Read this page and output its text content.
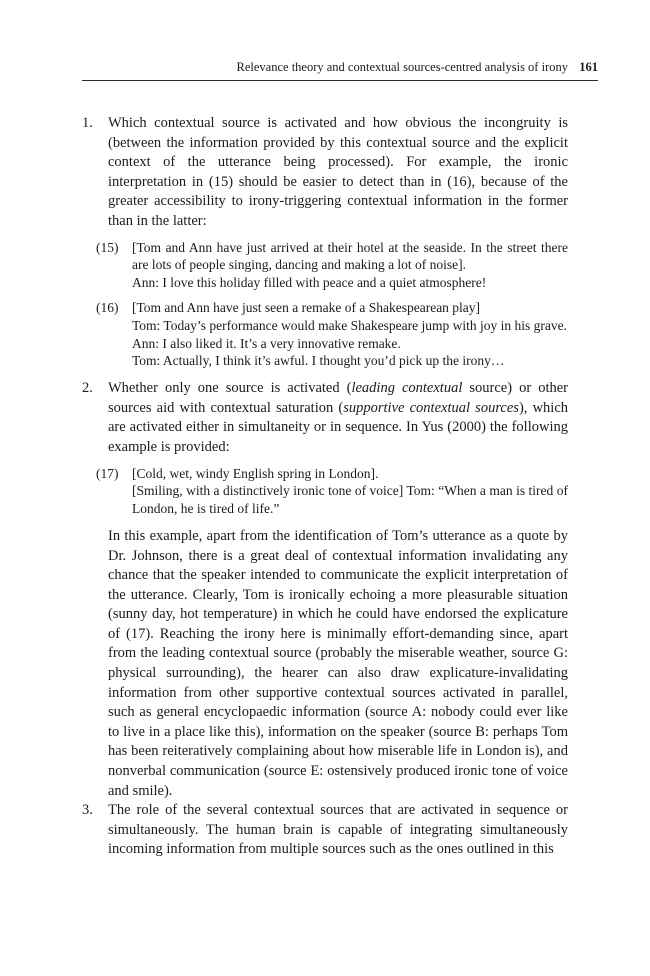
Relevance theory and contextual sources-centred analysis of irony 161
1. Which contextual source is activated and how obvious the incongruity is (between the information provided by this contextual source and the explicit context of the utterance being processed). For example, the ironic interpretation in (15) should be easier to detect than in (16), because of the greater accessibility to irony-triggering contextual information in the former than in the latter:
(15) [Tom and Ann have just arrived at their hotel at the seaside. In the street there are lots of people singing, dancing and making a lot of noise].

Ann: I love this holiday filled with peace and a quiet atmosphere!

(16) [Tom and Ann have just seen a remake of a Shakespearean play]

Tom: Today’s performance would make Shakespeare jump with joy in his grave.

Ann: I also liked it. It’s a very innovative remake.

Tom: Actually, I think it’s awful. I thought you’d pick up the irony…

2. Whether only one source is activated (leading contextual source) or other sources aid with contextual saturation (supportive contextual sources), which are activated either in simultaneity or in sequence. In Yus (2000) the following example is provided:
(17) [Cold, wet, windy English spring in London].

[Smiling, with a distinctively ironic tone of voice] Tom: “When a man is tired of London, he is tired of life.”

In this example, apart from the identification of Tom’s utterance as a quote by Dr. Johnson, there is a great deal of contextual information invalidating any chance that the speaker intended to communicate the explicit interpretation of the utterance. Clearly, Tom is ironically echoing a more pleasurable situation (sunny day, hot temperature) in which he could have endorsed the explicature of (17). Reaching the irony here is minimally effort-demanding since, apart from the leading contextual source (probably the miserable weather, source G: physical surrounding), the hearer can also draw explicature-invalidating information from other supportive contextual sources activated in parallel, such as general encyclopaedic information (source A: nobody could ever like to live in a place like this), information on the speaker (source B: perhaps Tom has been reiteratively complaining about how miserable life in London is), and nonverbal communication (source E: ostensively produced ironic tone of voice and smile).
3. The role of the several contextual sources that are activated in sequence or simultaneously. The human brain is capable of integrating simultaneously incoming information from multiple sources such as the ones outlined in this
